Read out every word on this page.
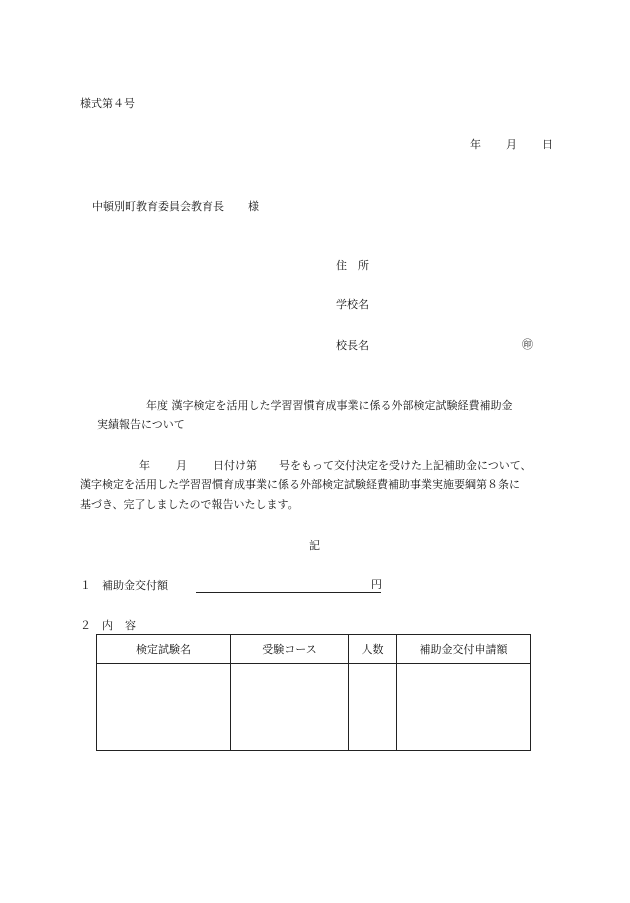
様式第４号
年 月 日
中頓別町教育委員会教育長 様
住　所
学校名
校長名	㊞
年度 漢字検定を活用した学習習慣育成事業に係る外部検定試験経費補助金
実績報告について
年 月 日付け第 号をもって交付決定を受けた上記補助金について、
漢字検定を活用した学習習慣育成事業に係る外部検定試験経費補助事業実施要綱第８条に
基づき、完了しましたので報告いたします。
記
１ 補助金交付額	円
２ 内容
検定試験名	受験コース	人数	補助金交付申請額
